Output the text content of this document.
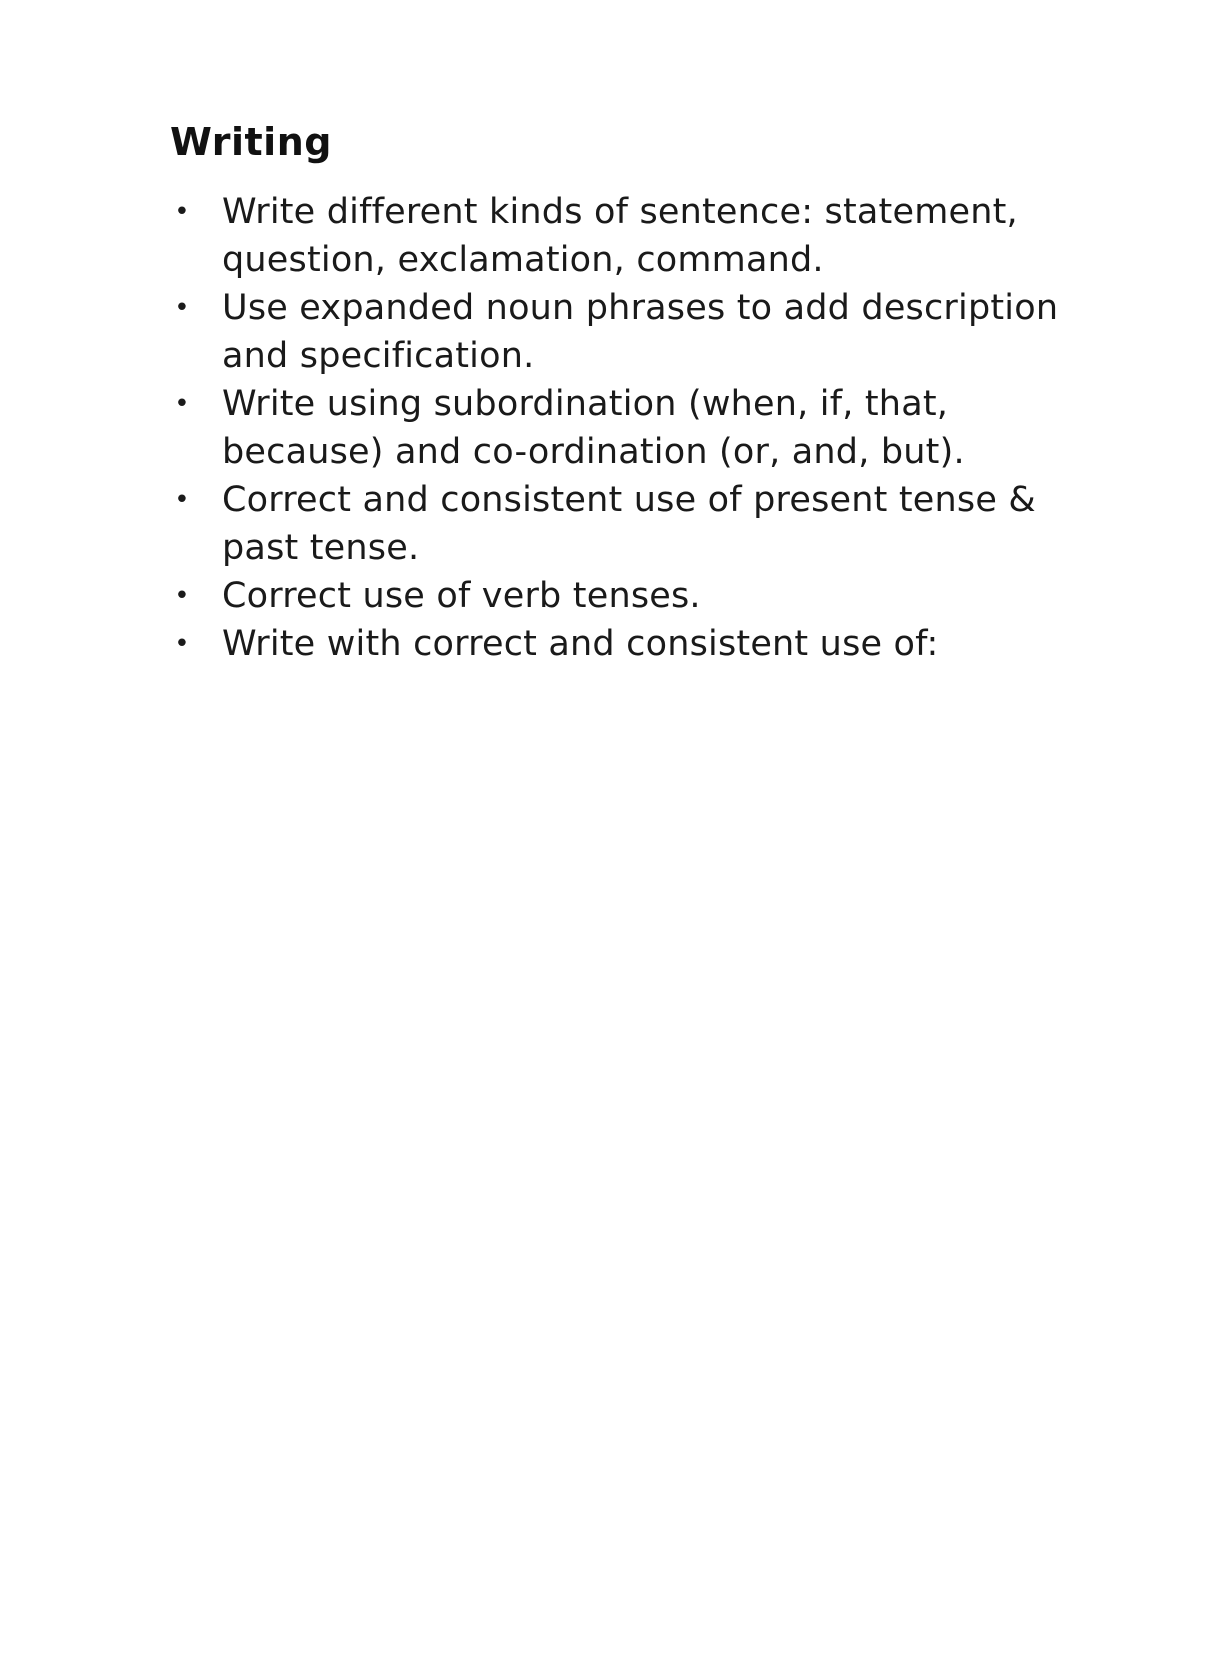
Writing
• Write different kinds of sentence: statement, question, exclamation, command.
• Use expanded noun phrases to add description and specification.
• Write using subordination (when, if, that, because) and co-ordination (or, and, but).
• Correct and consistent use of present tense & past tense.
• Correct use of verb tenses.
• Write with correct and consistent use of:
